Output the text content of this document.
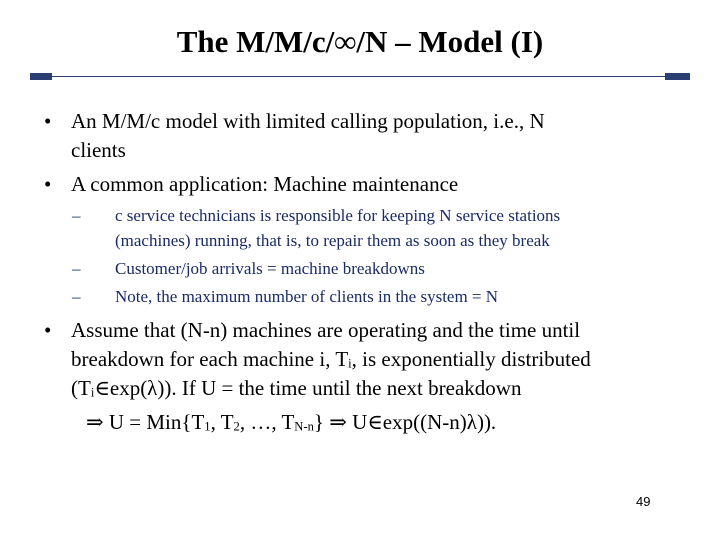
The M/M/c/∞/N – Model (I)
• An M/M/c model with limited calling population, i.e., N
clients
• A common application: Machine maintenance
– c service technicians is responsible for keeping N service stations
(machines) running, that is, to repair them as soon as they break
– Customer/job arrivals = machine breakdowns
– Note, the maximum number of clients in the system = N
• Assume that (N-n) machines are operating and the time until
breakdown for each machine i, $T_i$, is exponentially distributed
$(T_i\in\exp(\lambda))$. If U = the time until the next breakdown
⇒ $U = Min\{T_1$, $T_2$, …, $T_{N-n}$} ⇒ U∈exp((N-n)λ)).
49
